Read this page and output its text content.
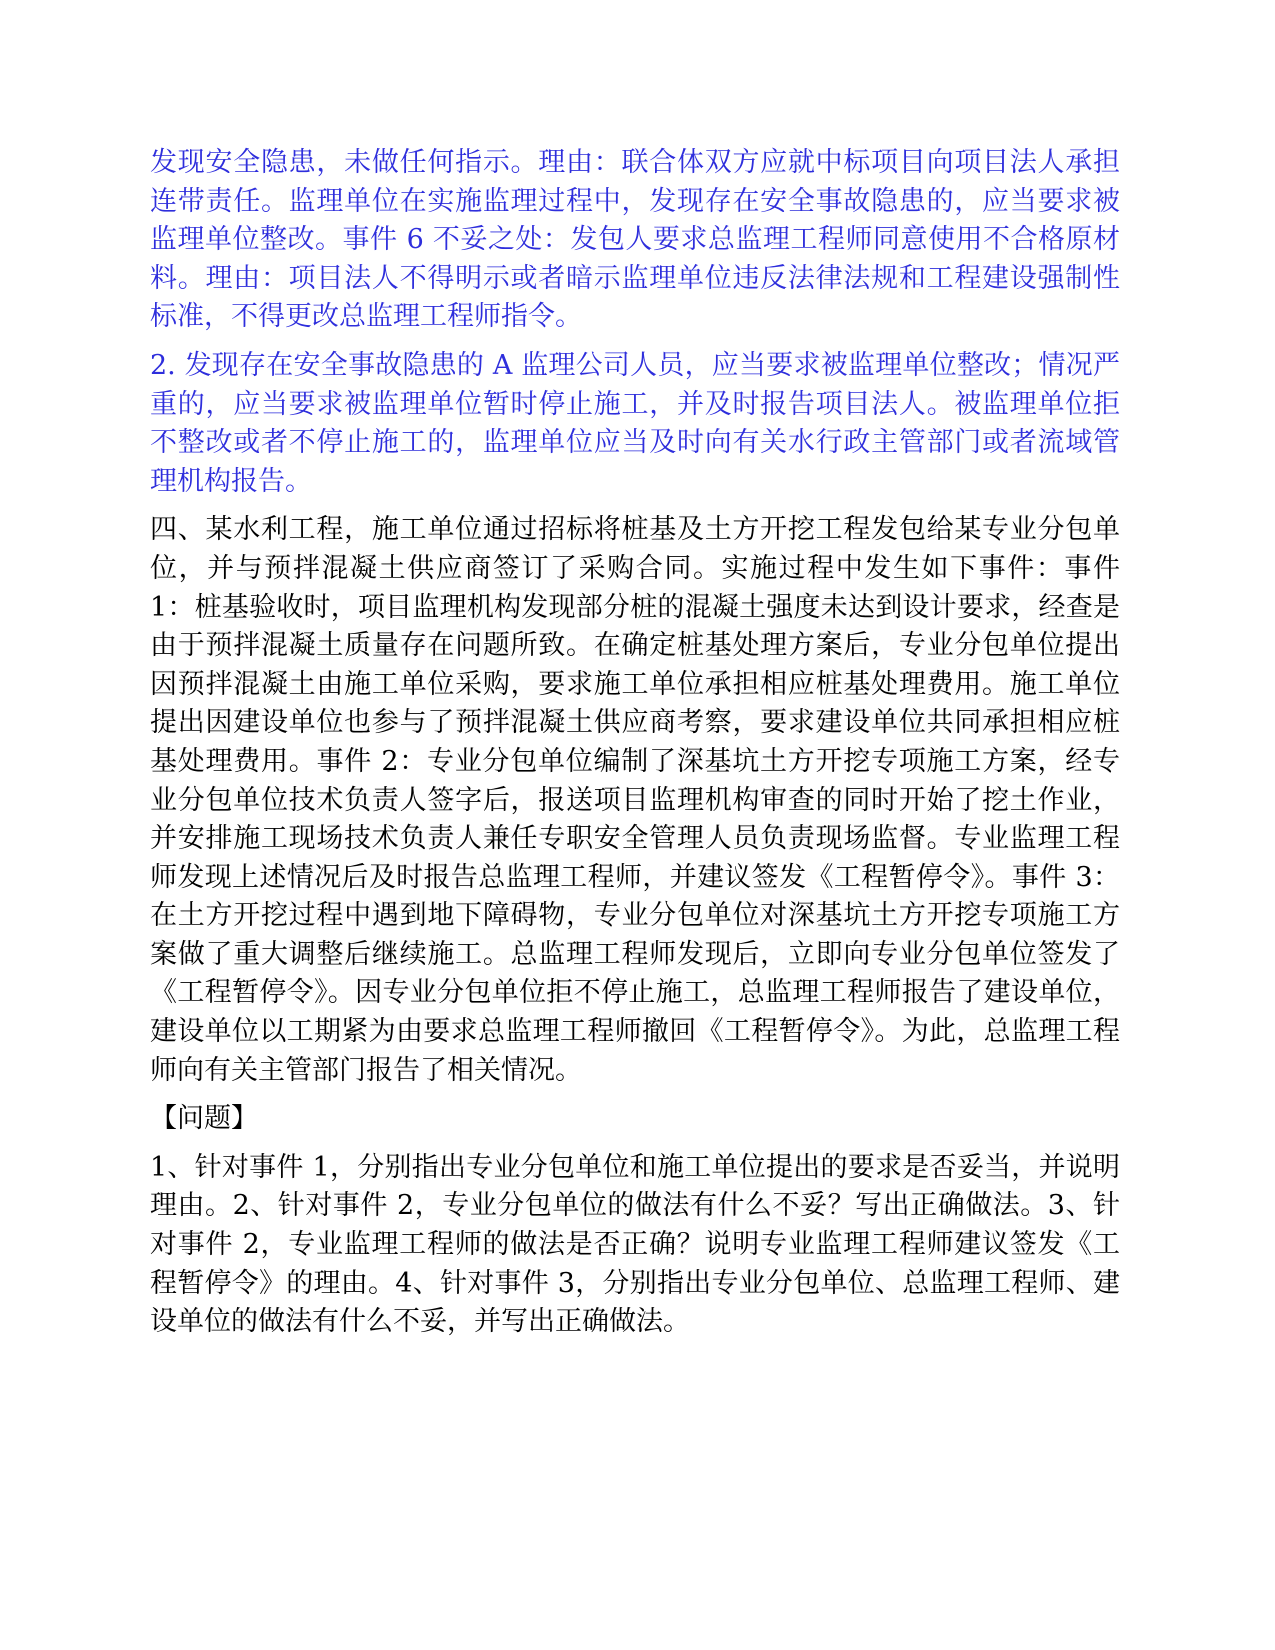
发现安全隐患，未做任何指示。理由：联合体双方应就中标项目向项目法人承担连带责任。监理单位在实施监理过程中，发现存在安全事故隐患的，应当要求被监理单位整改。事件 6 不妥之处：发包人要求总监理工程师同意使用不合格原材料。理由：项目法人不得明示或者暗示监理单位违反法律法规和工程建设强制性标准，不得更改总监理工程师指令。

2. 发现存在安全事故隐患的 A 监理公司人员，应当要求被监理单位整改；情况严重的，应当要求被监理单位暂时停止施工，并及时报告项目法人。被监理单位拒不整改或者不停止施工的，监理单位应当及时向有关水行政主管部门或者流域管理机构报告。

四、某水利工程，施工单位通过招标将桩基及土方开挖工程发包给某专业分包单位，并与预拌混凝土供应商签订了采购合同。实施过程中发生如下事件：事件 1：桩基验收时，项目监理机构发现部分桩的混凝土强度未达到设计要求，经查是由于预拌混凝土质量存在问题所致。在确定桩基处理方案后，专业分包单位提出因预拌混凝土由施工单位采购，要求施工单位承担相应桩基处理费用。施工单位提出因建设单位也参与了预拌混凝土供应商考察，要求建设单位共同承担相应桩基处理费用。事件 2：专业分包单位编制了深基坑土方开挖专项施工方案，经专业分包单位技术负责人签字后，报送项目监理机构审查的同时开始了挖土作业，并安排施工现场技术负责人兼任专职安全管理人员负责现场监督。专业监理工程师发现上述情况后及时报告总监理工程师，并建议签发《工程暂停令》。事件 3：在土方开挖过程中遇到地下障碍物，专业分包单位对深基坑土方开挖专项施工方案做了重大调整后继续施工。总监理工程师发现后，立即向专业分包单位签发了《工程暂停令》。因专业分包单位拒不停止施工，总监理工程师报告了建设单位，建设单位以工期紧为由要求总监理工程师撤回《工程暂停令》。为此，总监理工程师向有关主管部门报告了相关情况。

【问题】

1、针对事件 1，分别指出专业分包单位和施工单位提出的要求是否妥当，并说明理由。2、针对事件 2，专业分包单位的做法有什么不妥？写出正确做法。3、针对事件 2，专业监理工程师的做法是否正确？说明专业监理工程师建议签发《工程暂停令》的理由。4、针对事件 3，分别指出专业分包单位、总监理工程师、建设单位的做法有什么不妥，并写出正确做法。
